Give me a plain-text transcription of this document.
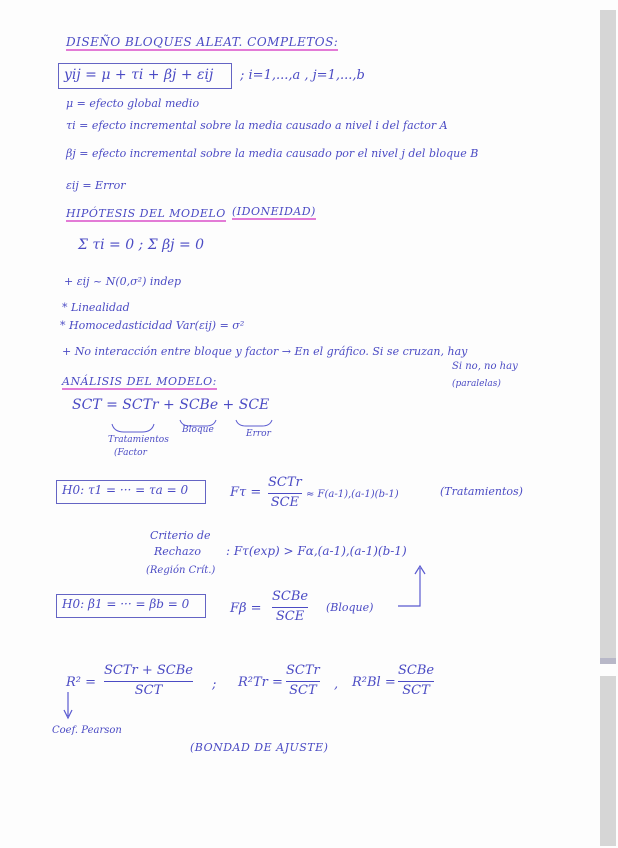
DISEÑO BLOQUES ALEAT. COMPLETOS:
yij = μ + τi + βj + εij ; i=1,...,a , j=1,...,b
μ = efecto global medio
τi = efecto incremental sobre la media causado a nivel i del factor A
βj = efecto incremental sobre la media causado por el nivel j del bloque B
εij = Error
HIPÓTESIS DEL MODELO (IDONEIDAD)
Σ τi = 0 ; Σ βj = 0
+ εij ~ N(0,σ²) indep
* Linealidad
* Homocedasticidad Var(εij) = σ²
+ No interacción entre bloque y factor → En el gráfico. Si se cruzan, hay
Si no, no hay
(paralelas)
ANÁLISIS DEL MODELO:
SCT = SCTr + SCBe + SCE
Tratamientos
(Factor
Bloque	Error
H0: τ1 = ··· = τa = 0	Fτ =
SCTr
SCE
≈ F(a-1),(a-1)(b-1)	(Tratamientos)
Criterio de
Rechazo
(Región Crít.)
: Fτ(exp) > Fα,(a-1),(a-1)(b-1)
H0: β1 = ··· = βb = 0	Fβ =
SCBe
SCE
(Bloque)
R² =
SCTr + SCBe
SCT	; R²Tr =
SCTr
SCT , R²Bl =
SCBe
SCT
Coef. Pearson
(BONDAD DE AJUSTE)
